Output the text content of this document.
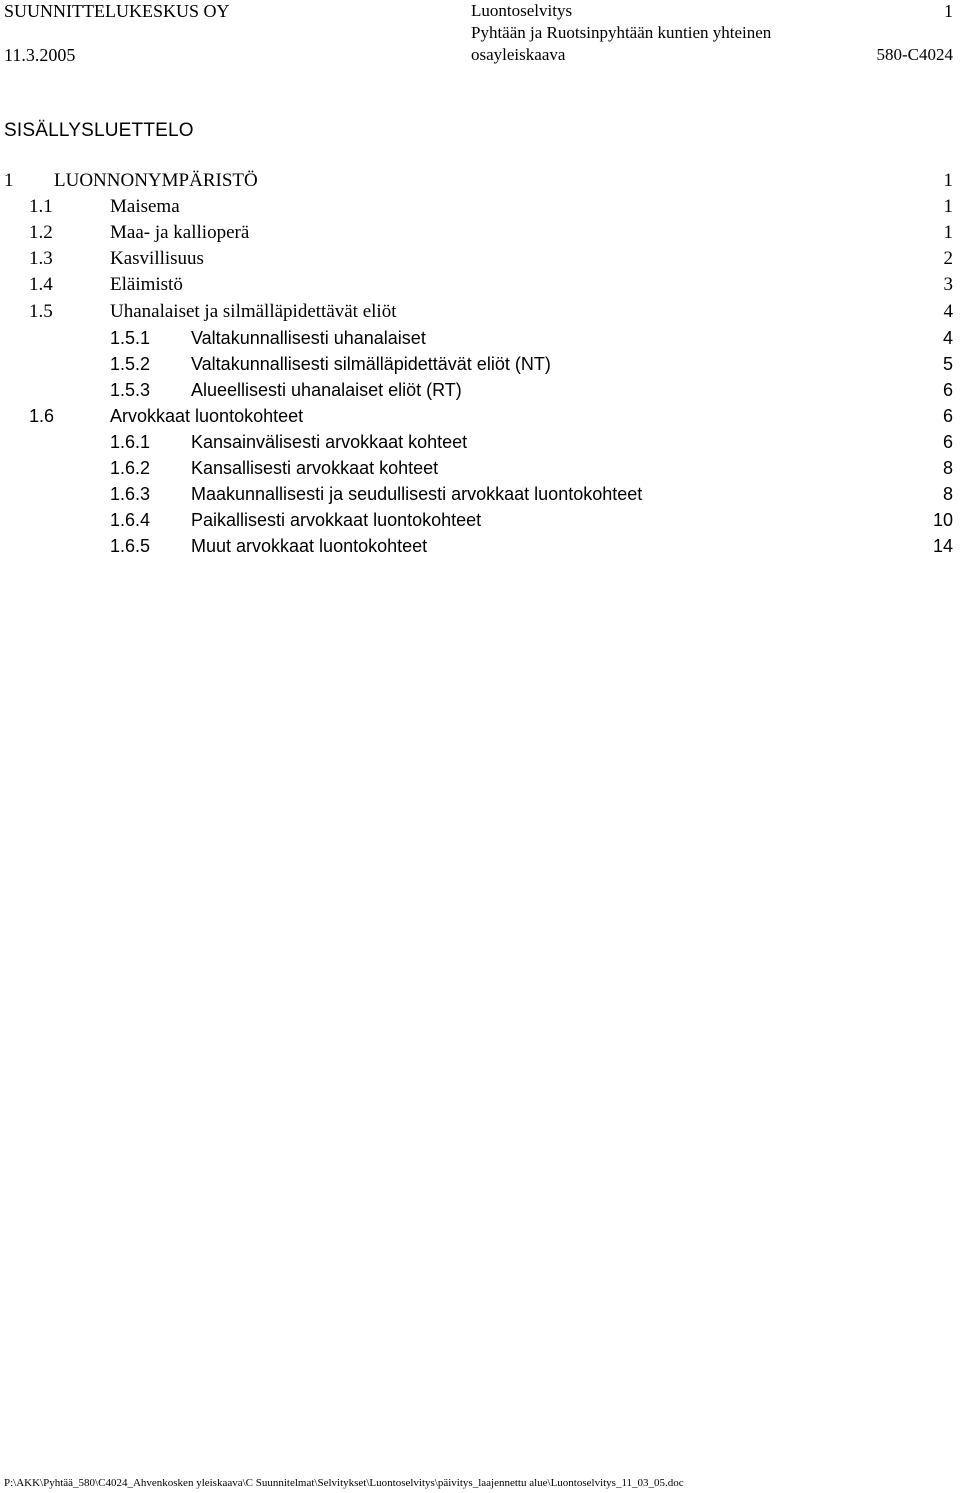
SUUNNITTELUKESKUS OY
11.3.2005
Luontoselvitys
Pyhtään ja Ruotsinpyhtään kuntien yhteinen
osayleiskaava
1
580-C4024
SISÄLLYSLUETTELO
1 LUONNONYMPÄRISTÖ	1
1.1	Maisema	1
1.2	Maa- ja kallioperä	1
1.3	Kasvillisuus	2
1.4	Eläimistö	3
1.5	Uhanalaiset ja silmälläpidettävät eliöt	4
1.5.1 Valtakunnallisesti uhanalaiset	4
1.5.2 Valtakunnallisesti silmälläpidettävät eliöt (NT)	5
1.5.3 Alueellisesti uhanalaiset eliöt (RT)	6
1.6	Arvokkaat luontokohteet	6
1.6.1 Kansainvälisesti arvokkaat kohteet	6
1.6.2 Kansallisesti arvokkaat kohteet	8
1.6.3 Maakunnallisesti ja seudullisesti arvokkaat luontokohteet	8
1.6.4 Paikallisesti arvokkaat luontokohteet	10
1.6.5 Muut arvokkaat luontokohteet	14
P:\AKK\Pyhtää_580\C4024_Ahvenkosken yleiskaava\C Suunnitelmat\Selvitykset\Luontoselvitys\päivitys_laajennettu alue\Luontoselvitys_11_03_05.doc
